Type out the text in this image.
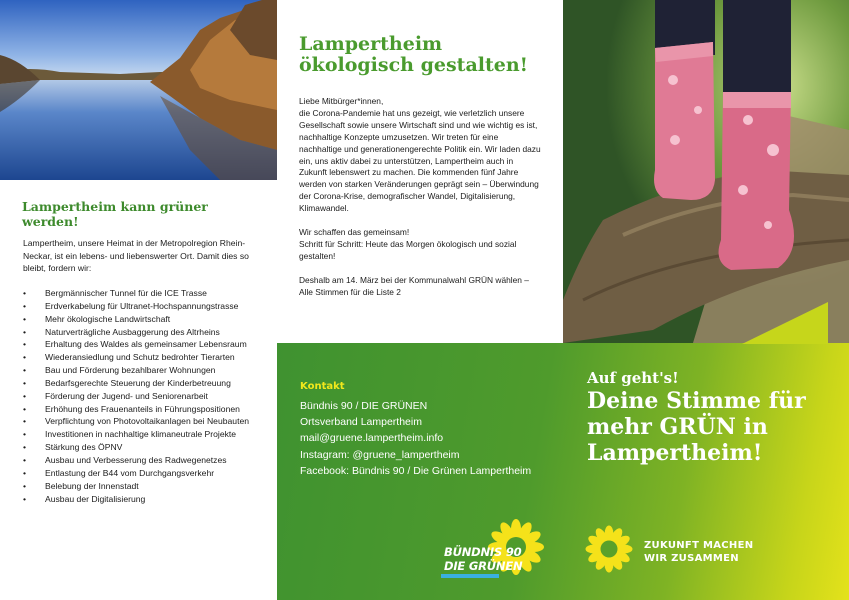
Lampertheim kann grüner werden!

Lampertheim, unsere Heimat in der Metropolregion Rhein-Neckar, ist ein lebens- und liebenswerter Ort. Damit dies so bleibt, fordern wir:

• Bergmännischer Tunnel für die ICE Trasse
• Erdverkabelung für Ultranet-Hochspannungstrasse
• Mehr ökologische Landwirtschaft
• Naturverträgliche Ausbaggerung des Altrheins
• Erhaltung des Waldes als gemeinsamer Lebensraum
• Wiederansiedlung und Schutz bedrohter Tierarten
• Bau und Förderung bezahlbarer Wohnungen
• Bedarfsgerechte Steuerung der Kinderbetreuung
• Förderung der Jugend- und Seniorenarbeit
• Erhöhung des Frauenanteils in Führungspositionen
• Verpflichtung von Photovoltaikanlagen bei Neubauten
• Investitionen in nachhaltige klimaneutrale Projekte
• Stärkung des ÖPNV
• Ausbau und Verbesserung des Radwegenetzes
• Entlastung der B44 vom Durchgangsverkehr
• Belebung der Innenstadt
• Ausbau der Digitalisierung
Lampertheim
ökologisch gestalten!

Liebe Mitbürger*innen,
die Corona-Pandemie hat uns gezeigt, wie verletzlich unsere Gesellschaft sowie unsere Wirtschaft sind und wie wichtig es ist, nachhaltige Konzepte umzusetzen. Wir treten für eine nachhaltige und generationengerechte Politik ein. Wir laden dazu ein, uns aktiv dabei zu unterstützen, Lampertheim auch in Zukunft lebenswert zu machen. Die kommenden fünf Jahre werden von starken Veränderungen geprägt sein – Überwindung der Corona-Krise, demografischer Wandel, Digitalisierung, Klimawandel.

Wir schaffen das gemeinsam!
Schritt für Schritt: Heute das Morgen ökologisch und sozial gestalten!

Deshalb am 14. März bei der Kommunalwahl GRÜN wählen – Alle Stimmen für die Liste 2

Kontakt
Bündnis 90 / DIE GRÜNEN
Ortsverband Lampertheim
mail@gruene.lampertheim.info
Instagram: @gruene_lampertheim
Facebook: Bündnis 90 / Die Grünen Lampertheim
Auf geht's!
Deine Stimme für
mehr GRÜN in
Lampertheim!
BÜNDNIS 90
DIE GRÜNEN
ZUKUNFT MACHEN
WIR ZUSAMMEN
